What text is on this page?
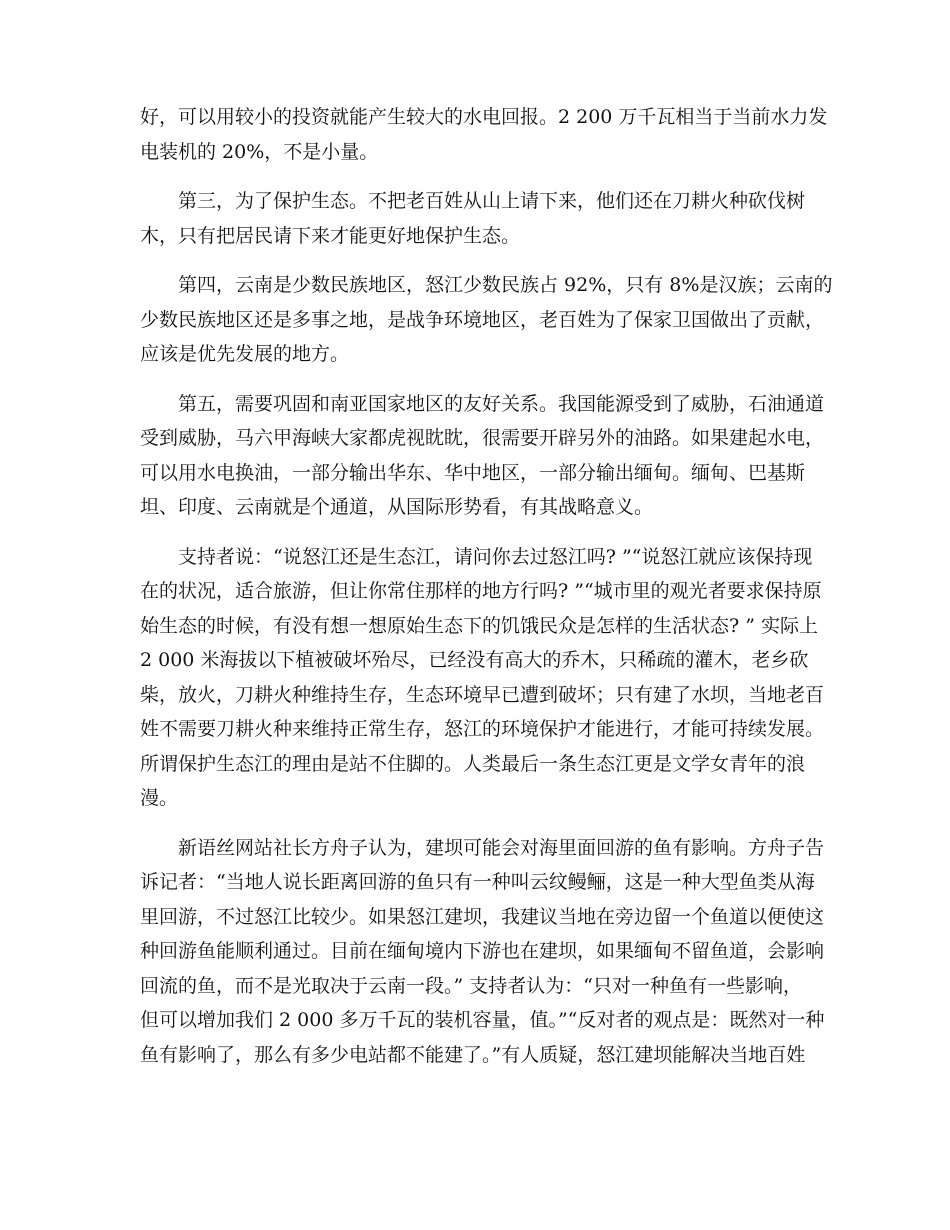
好，可以用较小的投资就能产生较大的水电回报。2 200 万千瓦相当于当前水力发
电装机的 20%，不是小量。
第三，为了保护生态。不把老百姓从山上请下来，他们还在刀耕火种砍伐树
木，只有把居民请下来才能更好地保护生态。
第四，云南是少数民族地区，怒江少数民族占 92%，只有 8%是汉族；云南的
少数民族地区还是多事之地，是战争环境地区，老百姓为了保家卫国做出了贡献，
应该是优先发展的地方。
第五，需要巩固和南亚国家地区的友好关系。我国能源受到了威胁，石油通道
受到威胁，马六甲海峡大家都虎视眈眈，很需要开辟另外的油路。如果建起水电，
可以用水电换油，一部分输出华东、华中地区，一部分输出缅甸。缅甸、巴基斯
坦、印度、云南就是个通道，从国际形势看，有其战略意义。
支持者说：“说怒江还是生态江，请问你去过怒江吗? ”“说怒江就应该保持现
在的状况，适合旅游，但让你常住那样的地方行吗? ”“城市里的观光者要求保持原
始生态的时候，有没有想一想原始生态下的饥饿民众是怎样的生活状态? ” 实际上
2 000 米海拔以下植被破坏殆尽，已经没有高大的乔木，只稀疏的灌木，老乡砍
柴，放火，刀耕火种维持生存，生态环境早已遭到破坏；只有建了水坝，当地老百
姓不需要刀耕火种来维持正常生存，怒江的环境保护才能进行，才能可持续发展。
所谓保护生态江的理由是站不住脚的。人类最后一条生态江更是文学女青年的浪
漫。
新语丝网站社长方舟子认为，建坝可能会对海里面回游的鱼有影响。方舟子告
诉记者：“当地人说长距离回游的鱼只有一种叫云纹鳗鲡，这是一种大型鱼类从海
里回游，不过怒江比较少。如果怒江建坝，我建议当地在旁边留一个鱼道以便使这
种回游鱼能顺利通过。目前在缅甸境内下游也在建坝，如果缅甸不留鱼道，会影响
回流的鱼，而不是光取决于云南一段。” 支持者认为：“只对一种鱼有一些影响，
但可以增加我们 2 000 多万千瓦的装机容量，值。”“反对者的观点是：既然对一种
鱼有影响了，那么有多少电站都不能建了。”有人质疑，怒江建坝能解决当地百姓
